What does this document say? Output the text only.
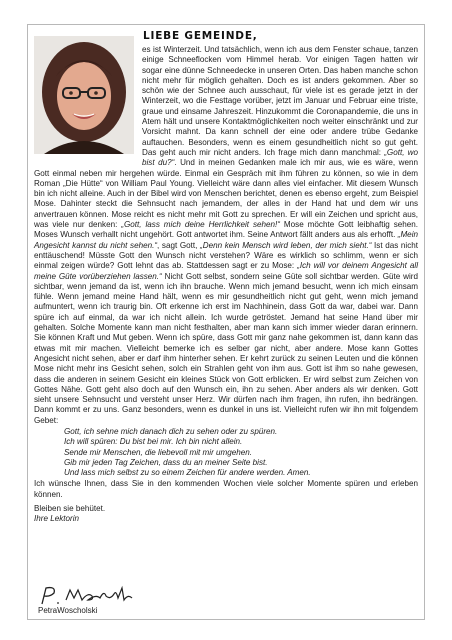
LIEBE GEMEINDE,

es ist Winterzeit. Und tatsächlich, wenn ich aus dem Fenster schaue, tanzen einige Schneeflocken vom Himmel herab. Vor einigen Tagen hatten wir sogar eine dünne Schneedecke in unseren Orten. Das haben manche schon nicht mehr für möglich gehalten. Doch es ist anders gekommen. Aber so schön wie der Schnee auch ausschaut, für viele ist es gerade jetzt in der Winterzeit, wo die Festtage vorüber, jetzt im Januar und Februar eine triste, graue und einsame Jahreszeit. Hinzukommt die Coronapandemie, die uns in Atem hält und unsere Kontaktmöglichkeiten noch weiter einschränkt und zur Vorsicht mahnt. Da kann schnell der eine oder andere trübe Gedanke auftauchen. Besonders, wenn es einem gesundheitlich nicht so gut geht. Das geht auch mir nicht anders. Ich frage mich dann manchmal: „Gott, wo bist du?“. Und in meinen Gedanken male ich mir aus, wie es wäre, wenn Gott einmal neben mir hergehen würde. Einmal ein Gespräch mit ihm führen zu können, so wie in dem Roman „Die Hütte“ von William Paul Young. Vielleicht wäre dann alles viel einfacher. Mit diesem Wunsch bin ich nicht alleine. Auch in der Bibel wird von Menschen berichtet, denen es ebenso ergeht, zum Beispiel Mose. Dahinter steckt die Sehnsucht nach jemandem, der alles in der Hand hat und dem wir uns anvertrauen können. Mose reicht es nicht mehr mit Gott zu sprechen. Er will ein Zeichen und spricht aus, was viele nur denken: „Gott, lass mich deine Herrlichkeit sehen!“ Mose möchte Gott leibhaftig sehen. Moses Wunsch verhallt nicht ungehört. Gott antwortet ihm. Seine Antwort fällt anders aus als erhofft. „Mein Angesicht kannst du nicht sehen.“, sagt Gott, „Denn kein Mensch wird leben, der mich sieht.“ Ist das nicht enttäuschend! Müsste Gott den Wunsch nicht verstehen? Wäre es wirklich so schlimm, wenn er sich einmal zeigen würde? Gott lehnt das ab. Stattdessen sagt er zu Mose: „Ich will vor deinem Angesicht all meine Güte vorüberziehen lassen.“ Nicht Gott selbst, sondern seine Güte soll sichtbar werden. Güte wird sichtbar, wenn jemand da ist, wenn ich ihn brauche. Wenn mich jemand besucht, wenn ich mich einsam fühle. Wenn jemand meine Hand hält, wenn es mir gesundheitlich nicht gut geht, wenn mich jemand aufmuntert, wenn ich traurig bin. Oft erkenne ich erst im Nachhinein, dass Gott da war, dabei war. Dann spüre ich auf einmal, da war ich nicht allein. Ich wurde getröstet. Jemand hat seine Hand über mir gehalten. Solche Momente kann man nicht festhalten, aber man kann sich immer wieder daran erinnern. Sie können Kraft und Mut geben. Wenn ich spüre, dass Gott mir ganz nahe gekommen ist, dann kann das etwas mit mir machen. Vielleicht bemerke ich es selber gar nicht, aber andere. Mose kann Gottes Angesicht nicht sehen, aber er darf ihm hinterher sehen. Er kehrt zurück zu seinen Leuten und die können Mose nicht mehr ins Gesicht sehen, solch ein Strahlen geht von ihm aus. Gott ist ihm so nahe gewesen, dass die anderen in seinem Gesicht ein kleines Stück von Gott erblicken. Er wird selbst zum Zeichen von Gottes Nähe. Gott geht also doch auf den Wunsch ein, ihn zu sehen. Aber anders als wir denken. Gott sieht unsere Sehnsucht und versteht unser Herz. Wir dürfen nach ihm fragen, ihn rufen, ihn bedrängen. Dann kommt er zu uns. Ganz besonders, wenn es dunkel in uns ist. Vielleicht rufen wir ihn mit folgendem Gebet:

Gott, ich sehne mich danach dich zu sehen oder zu spüren.
Ich will spüren: Du bist bei mir. Ich bin nicht allein.
Sende mir Menschen, die liebevoll mit mir umgehen.
Gib mir jeden Tag Zeichen, dass du an meiner Seite bist.
Und lass mich selbst zu so einem Zeichen für andere werden. Amen.

Ich wünsche Ihnen, dass Sie in den kommenden Wochen viele solcher Momente spüren und erleben können.

Bleiben sie behütet.

Ihre Lektorin

PetraWoscholski
